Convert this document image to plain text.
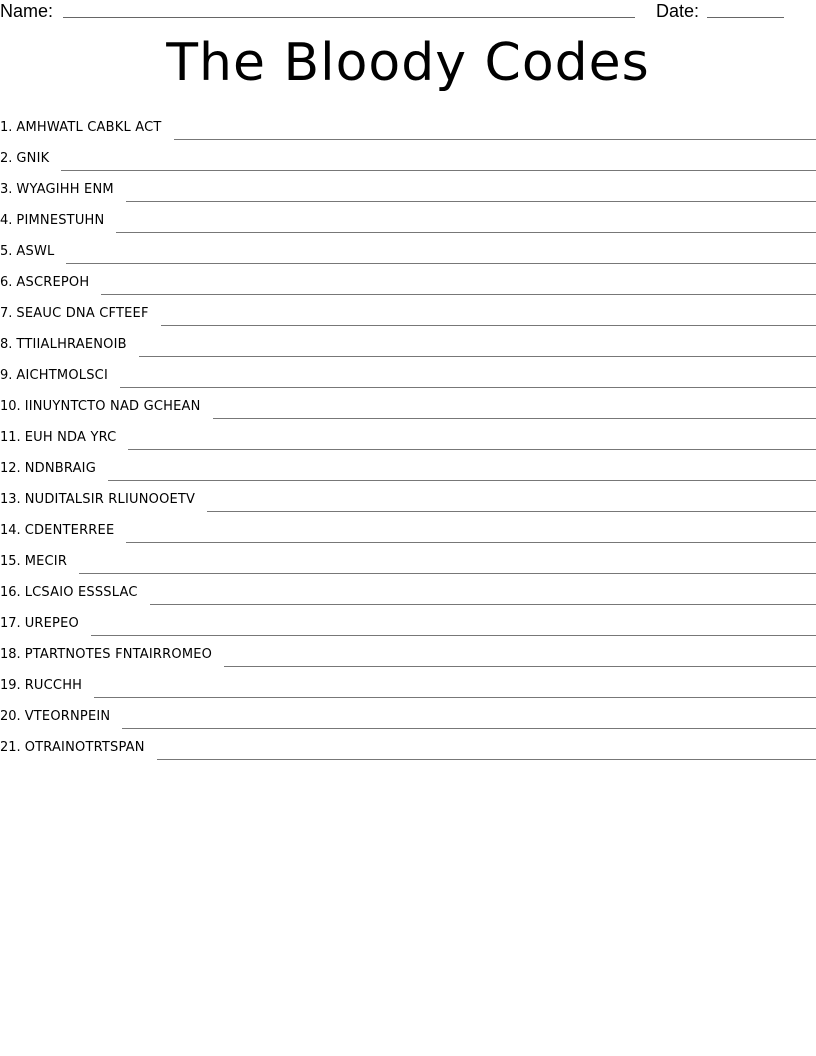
Name:	Date:
The Bloody Codes
1. AMHWATL CABKL ACT
2. GNIK
3. WYAGIHH ENM
4. PIMNESTUHN
5. ASWL
6. ASCREPOH
7. SEAUC DNA CFTEEF
8. TTIIALHRAENOIB
9. AICHTMOLSCI
10. IINUYNTCTO NAD GCHEAN
11. EUH NDA YRC
12. NDNBRAIG
13. NUDITALSIR RLIUNOOETV
14. CDENTERREE
15. MECIR
16. LCSAIO ESSSLAC
17. UREPEO
18. PTARTNOTES FNTAIRROMEO
19. RUCCHH
20. VTEORNPEIN
21. OTRAINOTRTSPAN
